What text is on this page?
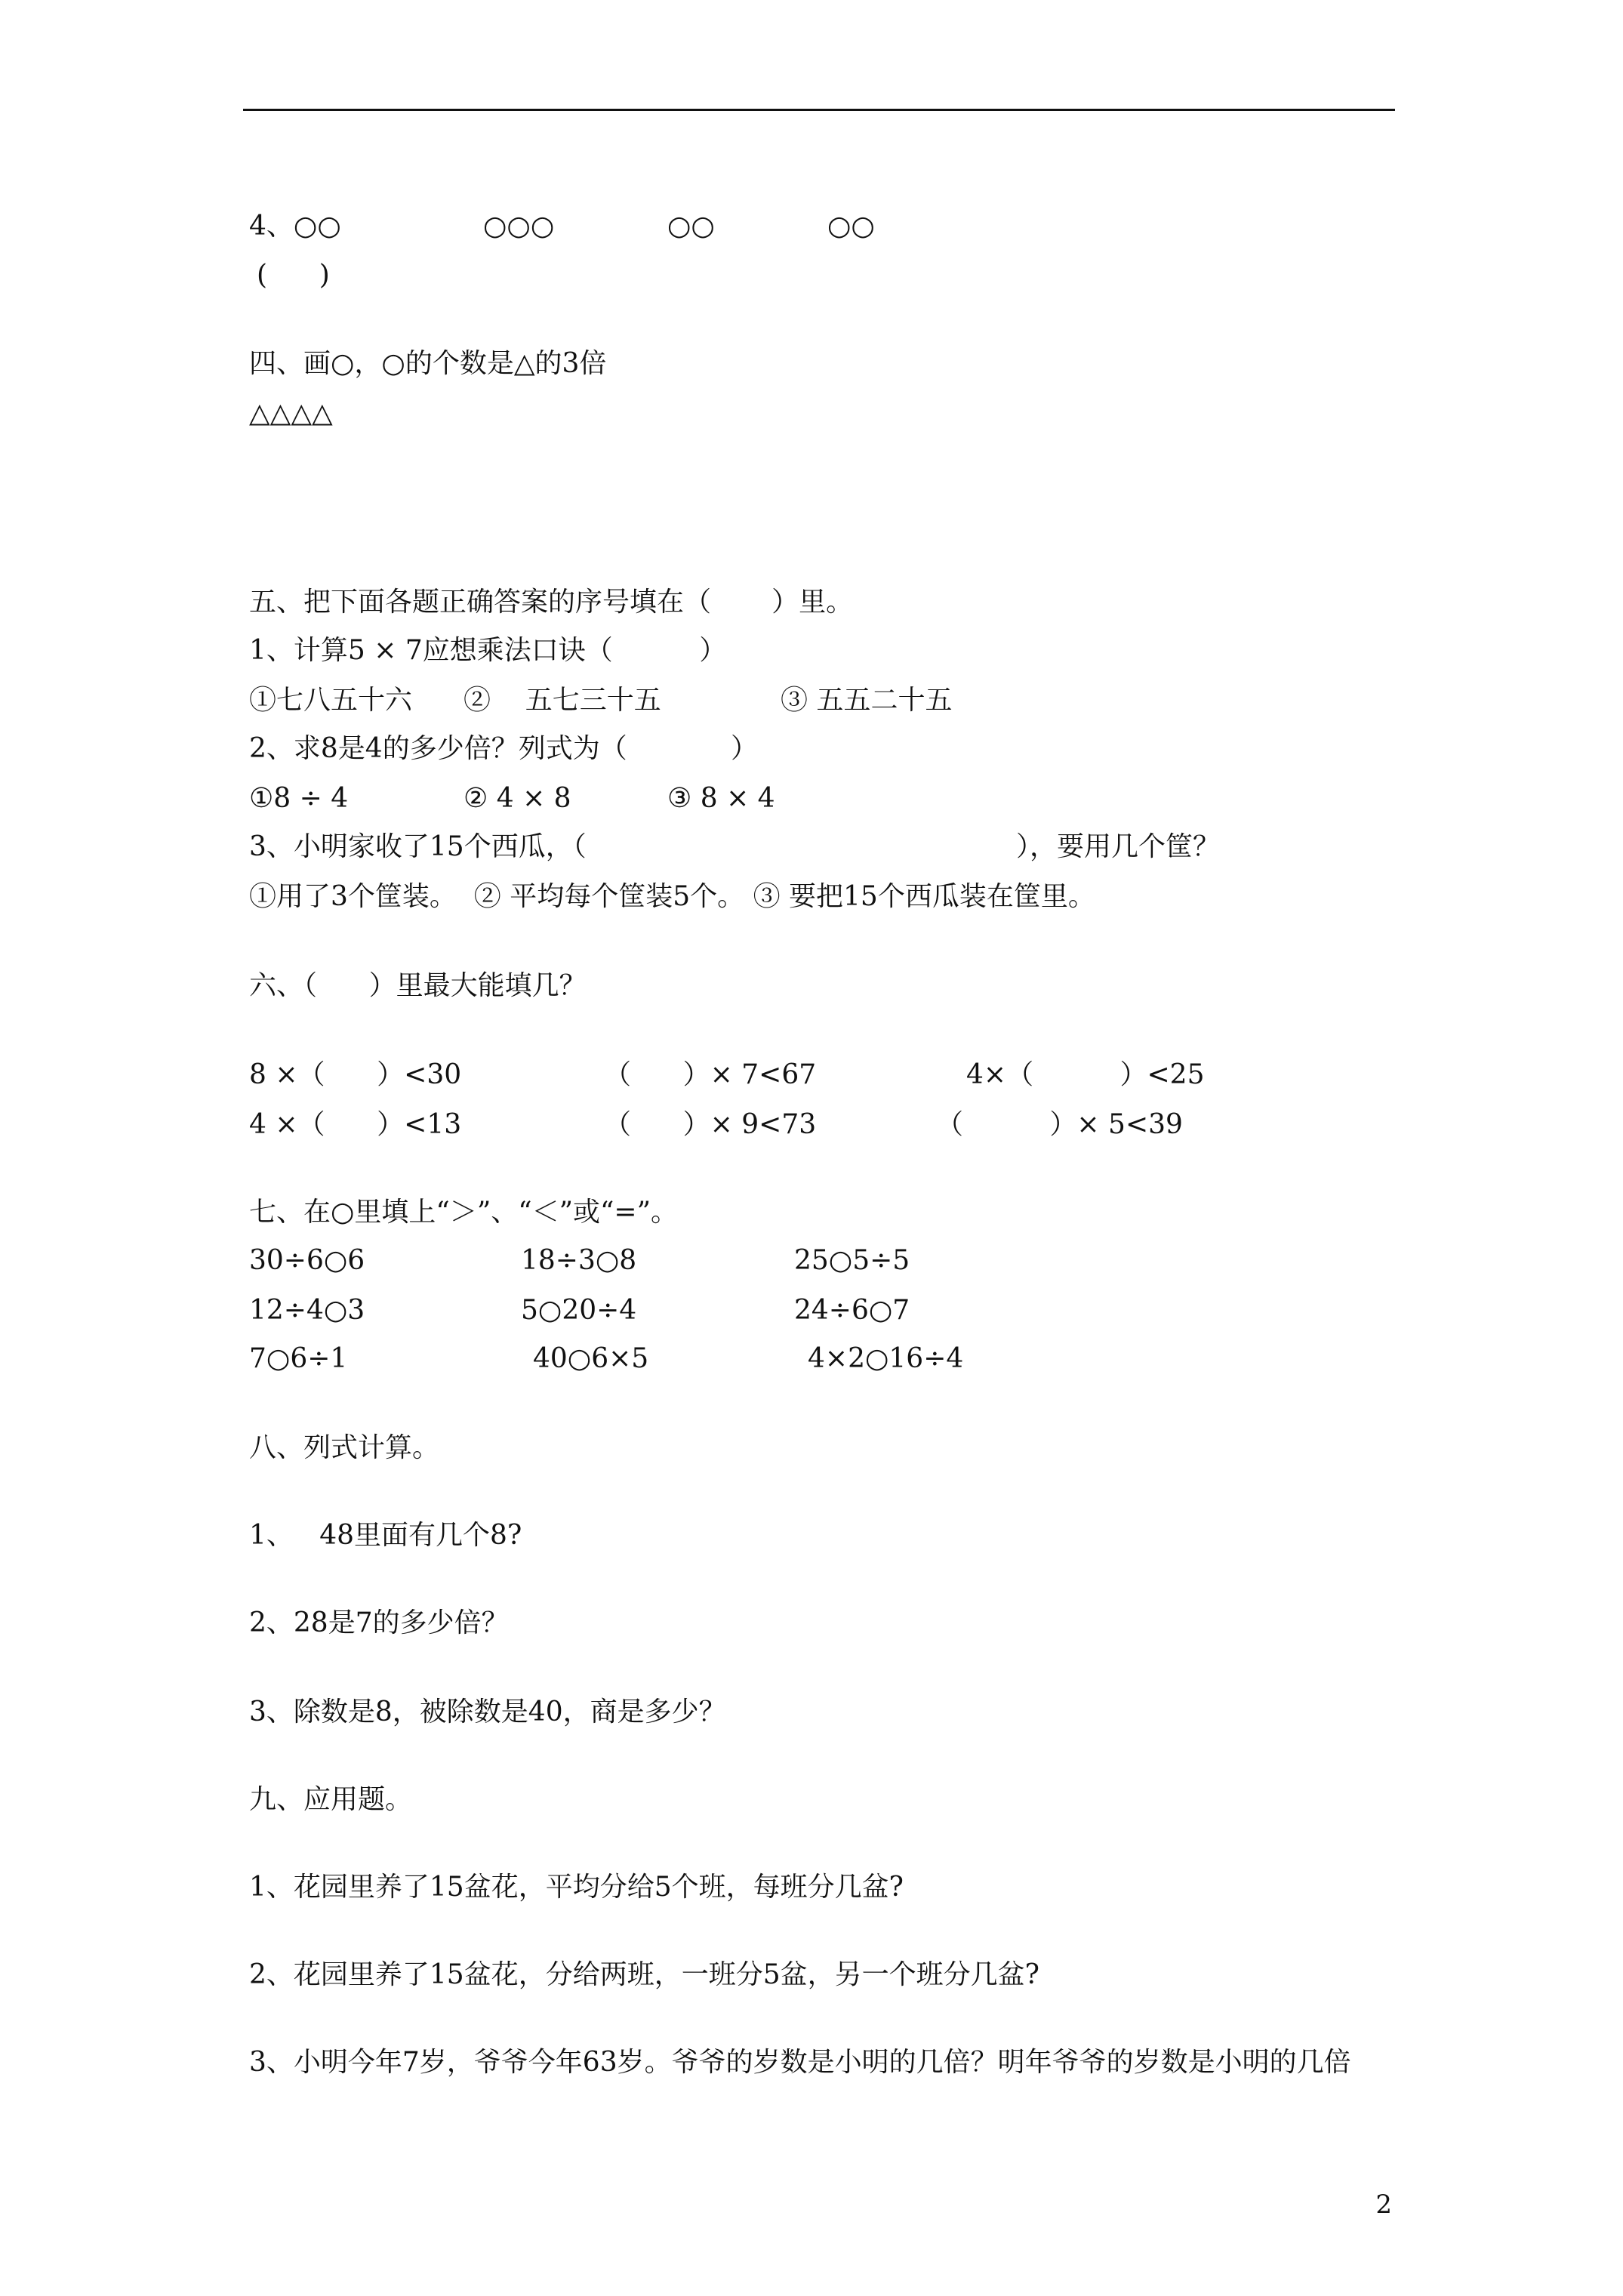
4、○○	○○○	○○	○○
(      )
四、画○，○的个数是△的3倍
△△△△
五、把下面各题正确答案的序号填在（       ）里。
1、计算5 × 7应想乘法口诀（          ）
①七八五十六 ②    五七三十五	③ 五五二十五
2、求8是4的多少倍？列式为（            ）
①8 ÷ 4	② 4 × 8	③ 8 × 4
3、小明家收了15个西瓜，（	），要用几个筐？
①用了3个筐装。  ② 平均每个筐装5个。 ③ 要把15个西瓜装在筐里。
六、（      ）里最大能填几？
8 ×（      ）<30	（      ）× 7<67	4×（          ）<25
4 ×（      ）<13	（      ）× 9<73	（          ）× 5<39
七、在○里填上“＞”、“＜”或“=”。
30÷6○6	18÷3○8	25○5÷5
12÷4○3	5○20÷4	24÷6○7
7○6÷1	40○6×5	4×2○16÷4
八、列式计算。
1、   48里面有几个8?
2、28是7的多少倍？
3、除数是8，被除数是40，商是多少？
九、应用题。
1、花园里养了15盆花，平均分给5个班，每班分几盆?
2、花园里养了15盆花，分给两班，一班分5盆，另一个班分几盆?
3、小明今年7岁，爷爷今年63岁。爷爷的岁数是小明的几倍？明年爷爷的岁数是小明的几倍
2
